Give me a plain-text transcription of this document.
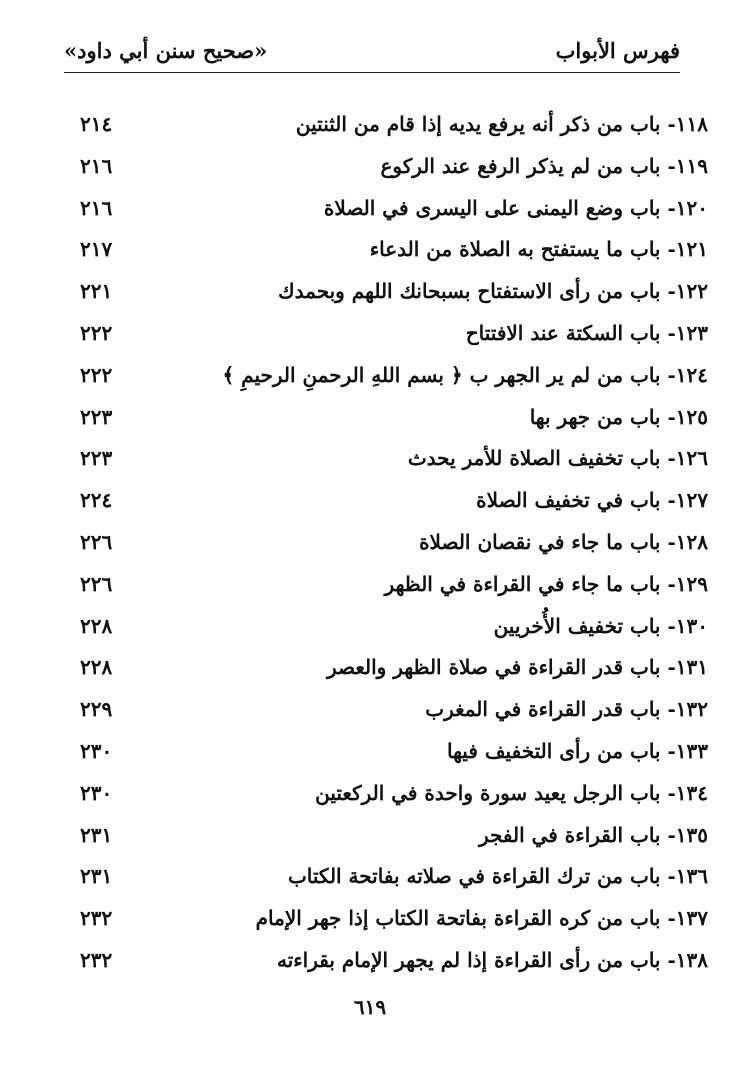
فهرس الأبواب
«صحيح سنن أبي داود»
١١٨- باب من ذكر أنه يرفع يديه إذا قام من الثنتين
٢١٤
١١٩- باب من لم يذكر الرفع عند الركوع
٢١٦
١٢٠- باب وضع اليمنى على اليسرى في الصلاة
٢١٦
١٢١- باب ما يستفتح به الصلاة من الدعاء
٢١٧
١٢٢- باب من رأى الاستفتاح بسبحانك اللهم وبحمدك
٢٢١
١٢٣- باب السكتة عند الافتتاح
٢٢٢
١٢٤- باب من لم ير الجهر ب ﴿ بسم اللهِ الرحمنِ الرحيمِ ﴾
٢٢٢
١٢٥- باب من جهر بها
٢٢٣
١٢٦- باب تخفيف الصلاة للأمر يحدث
٢٢٣
١٢٧- باب في تخفيف الصلاة
٢٢٤
١٢٨- باب ما جاء في نقصان الصلاة
٢٢٦
١٢٩- باب ما جاء في القراءة في الظهر
٢٢٦
١٣٠- باب تخفيف الأُخريين
٢٢٨
١٣١- باب قدر القراءة في صلاة الظهر والعصر
٢٢٨
١٣٢- باب قدر القراءة في المغرب
٢٢٩
١٣٣- باب من رأى التخفيف فيها
٢٣٠
١٣٤- باب الرجل يعيد سورة واحدة في الركعتين
٢٣٠
١٣٥- باب القراءة في الفجر
٢٣١
١٣٦- باب من ترك القراءة في صلاته بفاتحة الكتاب
٢٣١
١٣٧- باب من كره القراءة بفاتحة الكتاب إذا جهر الإمام
٢٣٢
١٣٨- باب من رأى القراءة إذا لم يجهر الإمام بقراءته
٢٣٢
٦١٩
